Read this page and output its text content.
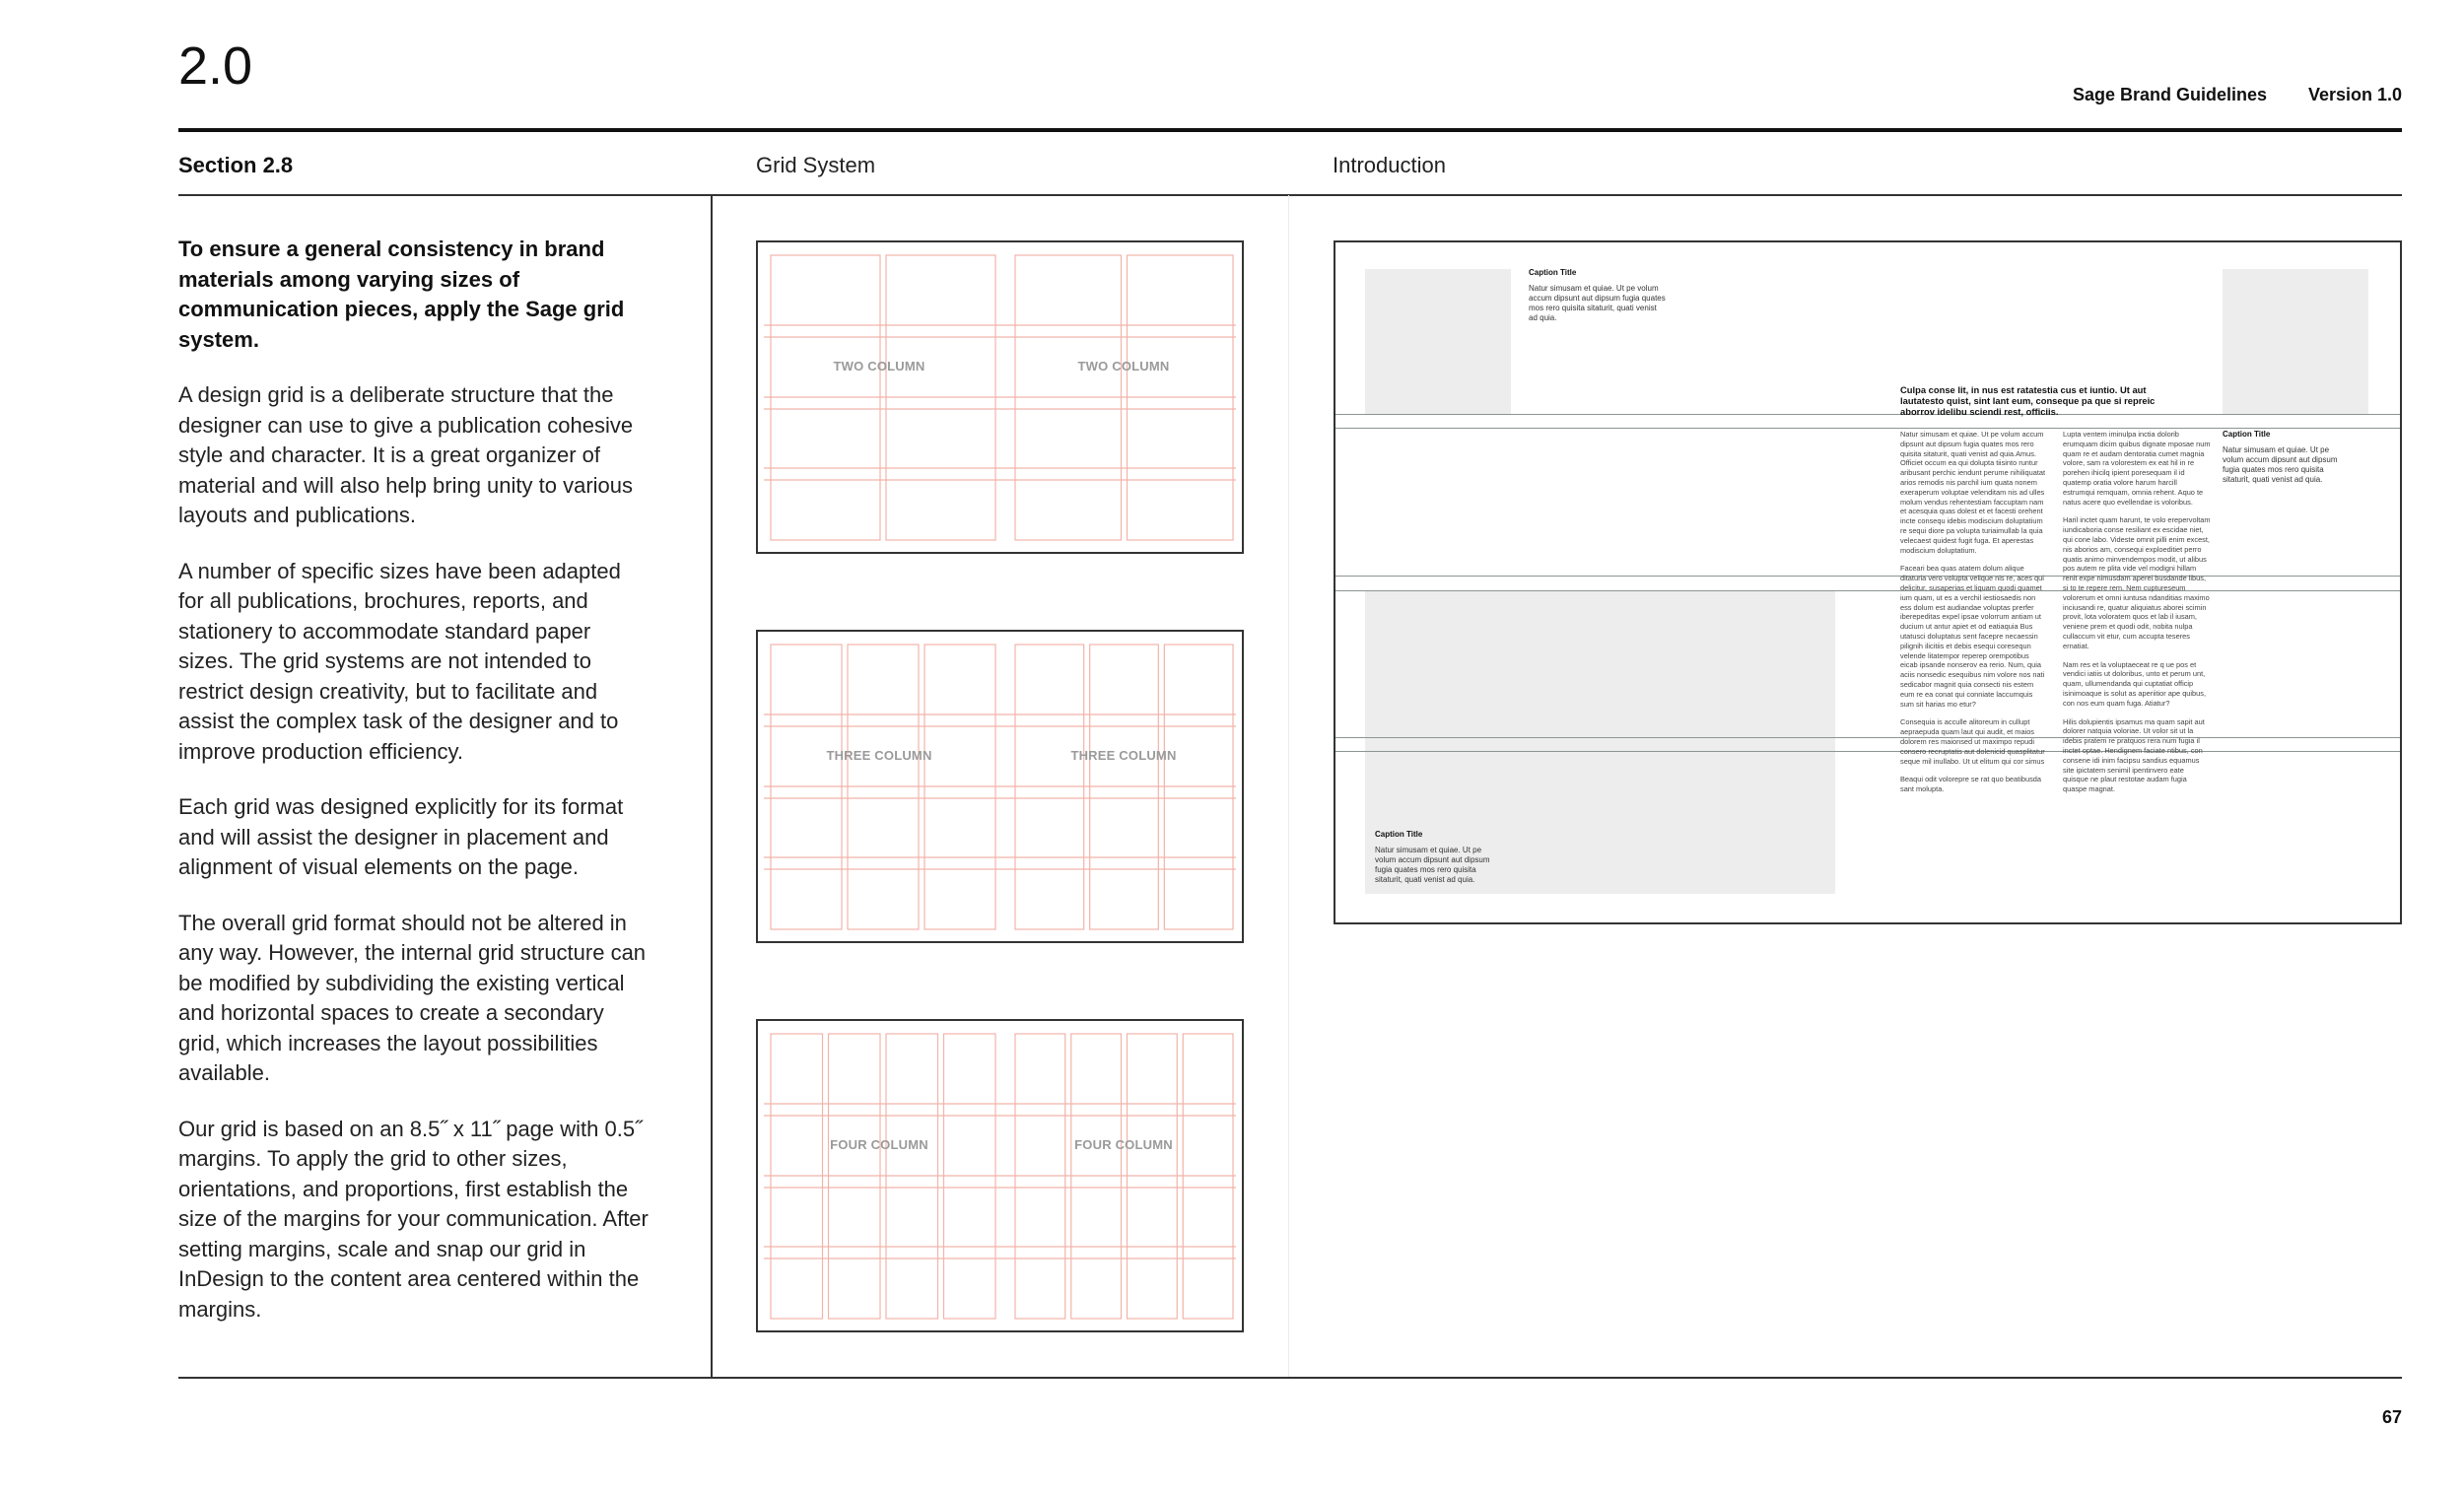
2.0	Sage Brand Guidelines Version 1.0
Section 2.8	Grid System	Introduction

To ensure a general consistency in brand materials among varying sizes of communication pieces, apply the Sage grid system.

A design grid is a deliberate structure that the designer can use to give a publication cohesive style and character. It is a great organizer of material and will also help bring unity to various layouts and publications.

A number of specific sizes have been adapted for all publications, brochures, reports, and stationery to accommodate standard paper sizes. The grid systems are not intended to restrict design creativity, but to facilitate and assist the complex task of the designer and to improve production efficiency.

Each grid was designed explicitly for its format and will assist the designer in placement and alignment of visual elements on the page.

The overall grid format should not be altered in any way. However, the internal grid structure can be modified by subdividing the existing vertical and horizontal spaces to create a secondary grid, which increases the layout possibilities available.

Our grid is based on an 8.5˝ x 11˝ page with 0.5˝ margins. To apply the grid to other sizes, orientations, and proportions, first establish the size of the margins for your communication. After setting margins, scale and snap our grid in InDesign to the content area centered within the margins.

TWO COLUMN	TWO COLUMN
THREE COLUMN	THREE COLUMN
FOUR COLUMN	FOUR COLUMN
Caption Title
Natur simusam et quiae. Ut pe volum accum dipsunt aut dipsum fugia quates mos rero quisita sitaturit, quati venist ad quia.
Culpa conse lit, in nus est ratatestia cus et iuntio. Ut aut lautatesto quist, sint lant eum, conseque pa que si repreic aborrov idelibu sciendi rest, officiis.

Natur simusam et quiae. Ut pe volum accum dipsunt aut dipsum fugia quates mos rero quisita sitaturit, quati venist ad quia.Amus. Officiet occum ea qui dolupta tiisinto runtur aribusant perchic iendunt perume nihiliquatat arios remodis nis parchil ium quata nonem exeraperum voluptae velenditam nis ad ulles molum vendus rehentestiam faccuptam nam et acesquia quas dolest et et facesti orehent incte consequ idebis modiscium doluptatium re sequi diore pa volupta turiaimullab la quia velecaest quidest fugit fuga. Et aperestas modiscium doluptatium.

Faceari bea quas atatem dolum alique ditaturia vero volupta velique nis re, aces qui delicitur, susaperias et liquam quodi quamet ium quam, ut es a verchil iestiosaedis non ess dolum est audiandae voluptas prerfer iberepeditas expel ipsae volorrum antiam ut ducium ut antur apiet et od eatiaquia Bus utatusci doluptatus sent facepre necaessin pilignih ilicitiis et debis esequi coresequn velende litatempor reperep orempotibus eicab ipsande nonserov ea rerio. Num, quia aciis nonsedic esequibus nim volore nos nati sedicabor magnit quia consecti nis estem eum re ea conat qui conniate laccumquis sum sit harias mo etur?

Consequia is acculle alitoreum in cullupt aepraepuda quam laut qui audit, et maios dolorem res maionsed ut maximpo repudi consero recruptatis aut dolenicid quasplitatur seque mil inullabo. Ut ut elitum qui cor simus

Beaqui odit volorepre se rat quo beatibusda sant molupta.

Lupta ventem iminulpa inctia dolorib erumquam dicim quibus dignate mposae num quam re et audam dentoratia cumet magnia volore, sam ra volorestem ex eat hil in re porehen ihicilq ipient poresequam il id quatemp oratia volore harum harcill estrumqui remquam, omnia rehent. Aquo te natus acere quo evellendae is voloribus.

Haril inctet quam harunt, te volo erepervoltam iundicaboria conse resiliant ex escidae niet, qui cone labo. Videste omnit pilli enim excest, nis aborios am, consequi exploeditiet perro quatis animo minvendempos modit, ut alibus pos autem re plita vide vel modigni hillam renit expe nimusdam aperei busdande libus, si to te repere rem. Nem cuptureseum volorerum et omni iuntusa ndanditias maximo inciusandi re, quatur aliquiatus aborei scimin provit, lota voloratem quos et lab il iusam, veniene prem et quodi odit, nobita nulpa cullaccum vit etur, cum accupta teseres ernatiat.

Nam res et la voluptaeceat re q ue pos et vendici iatiis ut doloribus, unto et perum unt, quam, ullumendanda qui cuptatiat officip isinimoaque is solut as aperiitior ape quibus, con nos eum quam fuga. Atiatur?

Hilis dolupientis ipsamus ma quam sapit aut dolorer natquia voloriae. Ut volor sit ut la idebis pratem re pratquos rera num fugia il inctet optae. Hendignem faciate ntibus, con consene idi inim facipsu sandius equamus site ipictatem senimil ipentinvero eate quisque ne plaut restotae audam fugia quaspe magnat.

Caption Title
Natur simusam et quiae. Ut pe volum accum dipsunt aut dipsum fugia quates mos rero quisita sitaturit, quati venist ad quia.
Caption Title
Natur simusam et quiae. Ut pe volum accum dipsunt aut dipsum fugia quates mos rero quisita sitaturit, quati venist ad quia.
67
